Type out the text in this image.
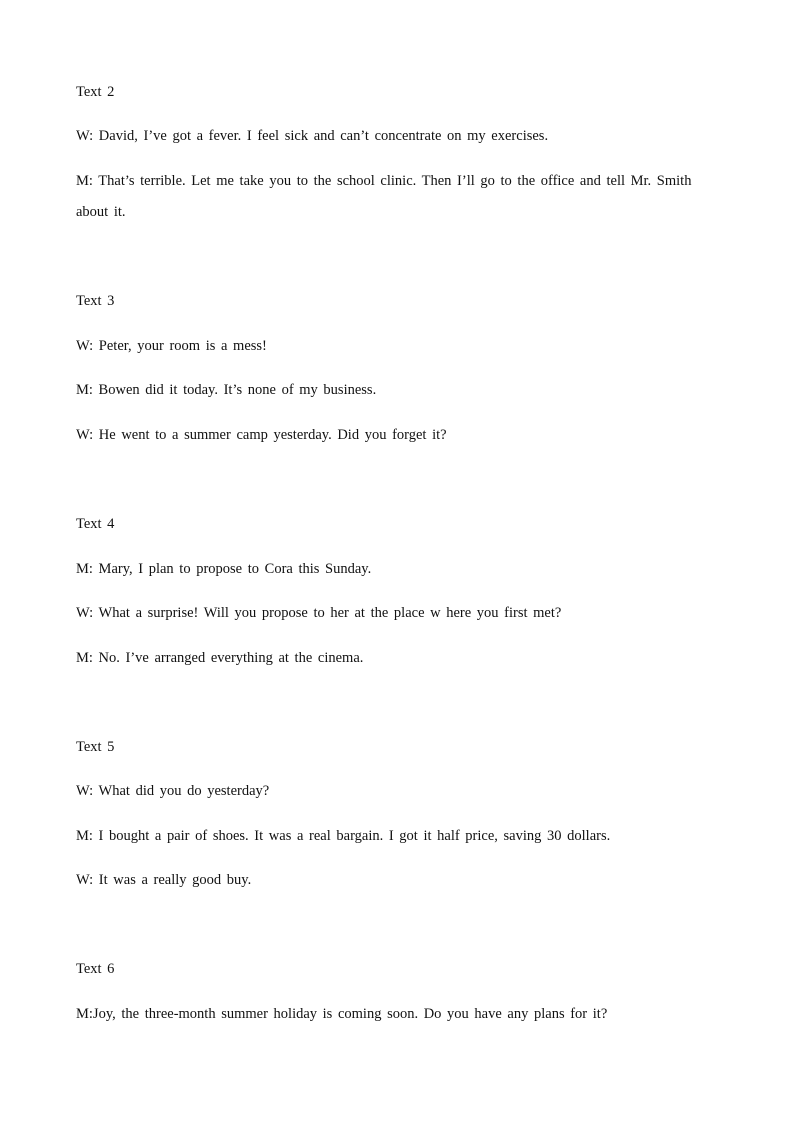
Text 2
W: David, I’ve got a fever. I feel sick and can’t concentrate on my exercises.
M: That’s terrible. Let me take you to the school clinic. Then I’ll go to the office and tell Mr. Smith
about it.
Text 3
W: Peter, your room is a mess!
M: Bowen did it today. It’s none of my business.
W: He went to a summer camp yesterday. Did you forget it?
Text 4
M: Mary, I plan to propose to Cora this Sunday.
W: What a surprise! Will you propose to her at the place w here you first met?
M: No. I’ve arranged everything at the cinema.
Text 5
W: What did you do yesterday?
M: I bought a pair of shoes. It was a real bargain. I got it half price, saving 30 dollars.
W: It was a really good buy.
Text 6
M:Joy, the three-month summer holiday is coming soon. Do you have any plans for it?
